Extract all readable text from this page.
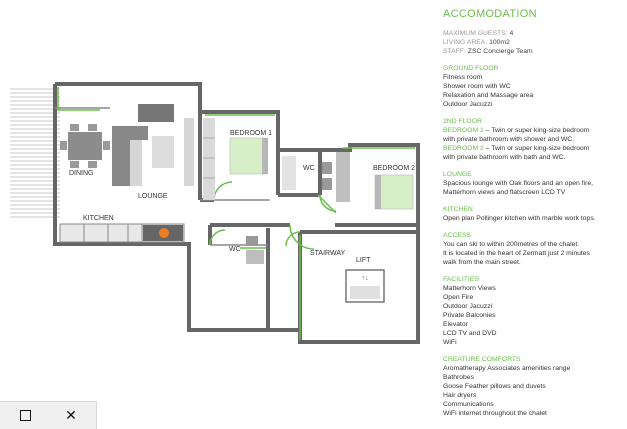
↑↓
DINING
LOUNGE
KITCHEN
BEDROOM 1
WC	BEDROOM 2
WC
STAIRWAY
LIFT
ACCOMODATION
MAXIMUM GUESTS: 4
LIVING AREA: 100m2
STAFF: ZSC Concierge Team
GROUND FLOOR
Fitness room
Shower room with WC
Relaxation and Massage area
Outdoor Jacuzzi
2ND FLOOR
BEDROOM 1 – Twin or super king-size bedroom
with private bathroom with shower and WC.
BEDROOM 2 – Twin or super king-size bedroom
with private bathroom with bath and WC.
LOUNGE
Spacious lounge with Oak floors and an open fire,
Matterhorn views and flatscreen LCD TV
KITCHEN
Open plan Pollinger kitchen with marble work tops.
ACCESS
You can ski to within 200metres of the chalet.
It is located in the heart of Zermatt just 2 minutes
walk from the main street.
FACILITIES
Matterhorn Views
Open Fire
Outdoor Jacuzzi
Private Balconies
Elevator
LCD TV and DVD
WiFi
CREATURE COMFORTS
Aromatherapy Associates amenities range
Bathrobes
Goose Feather pillows and duvets
Hair dryers
Communications
WiFi internet throughout the chalet
✕
